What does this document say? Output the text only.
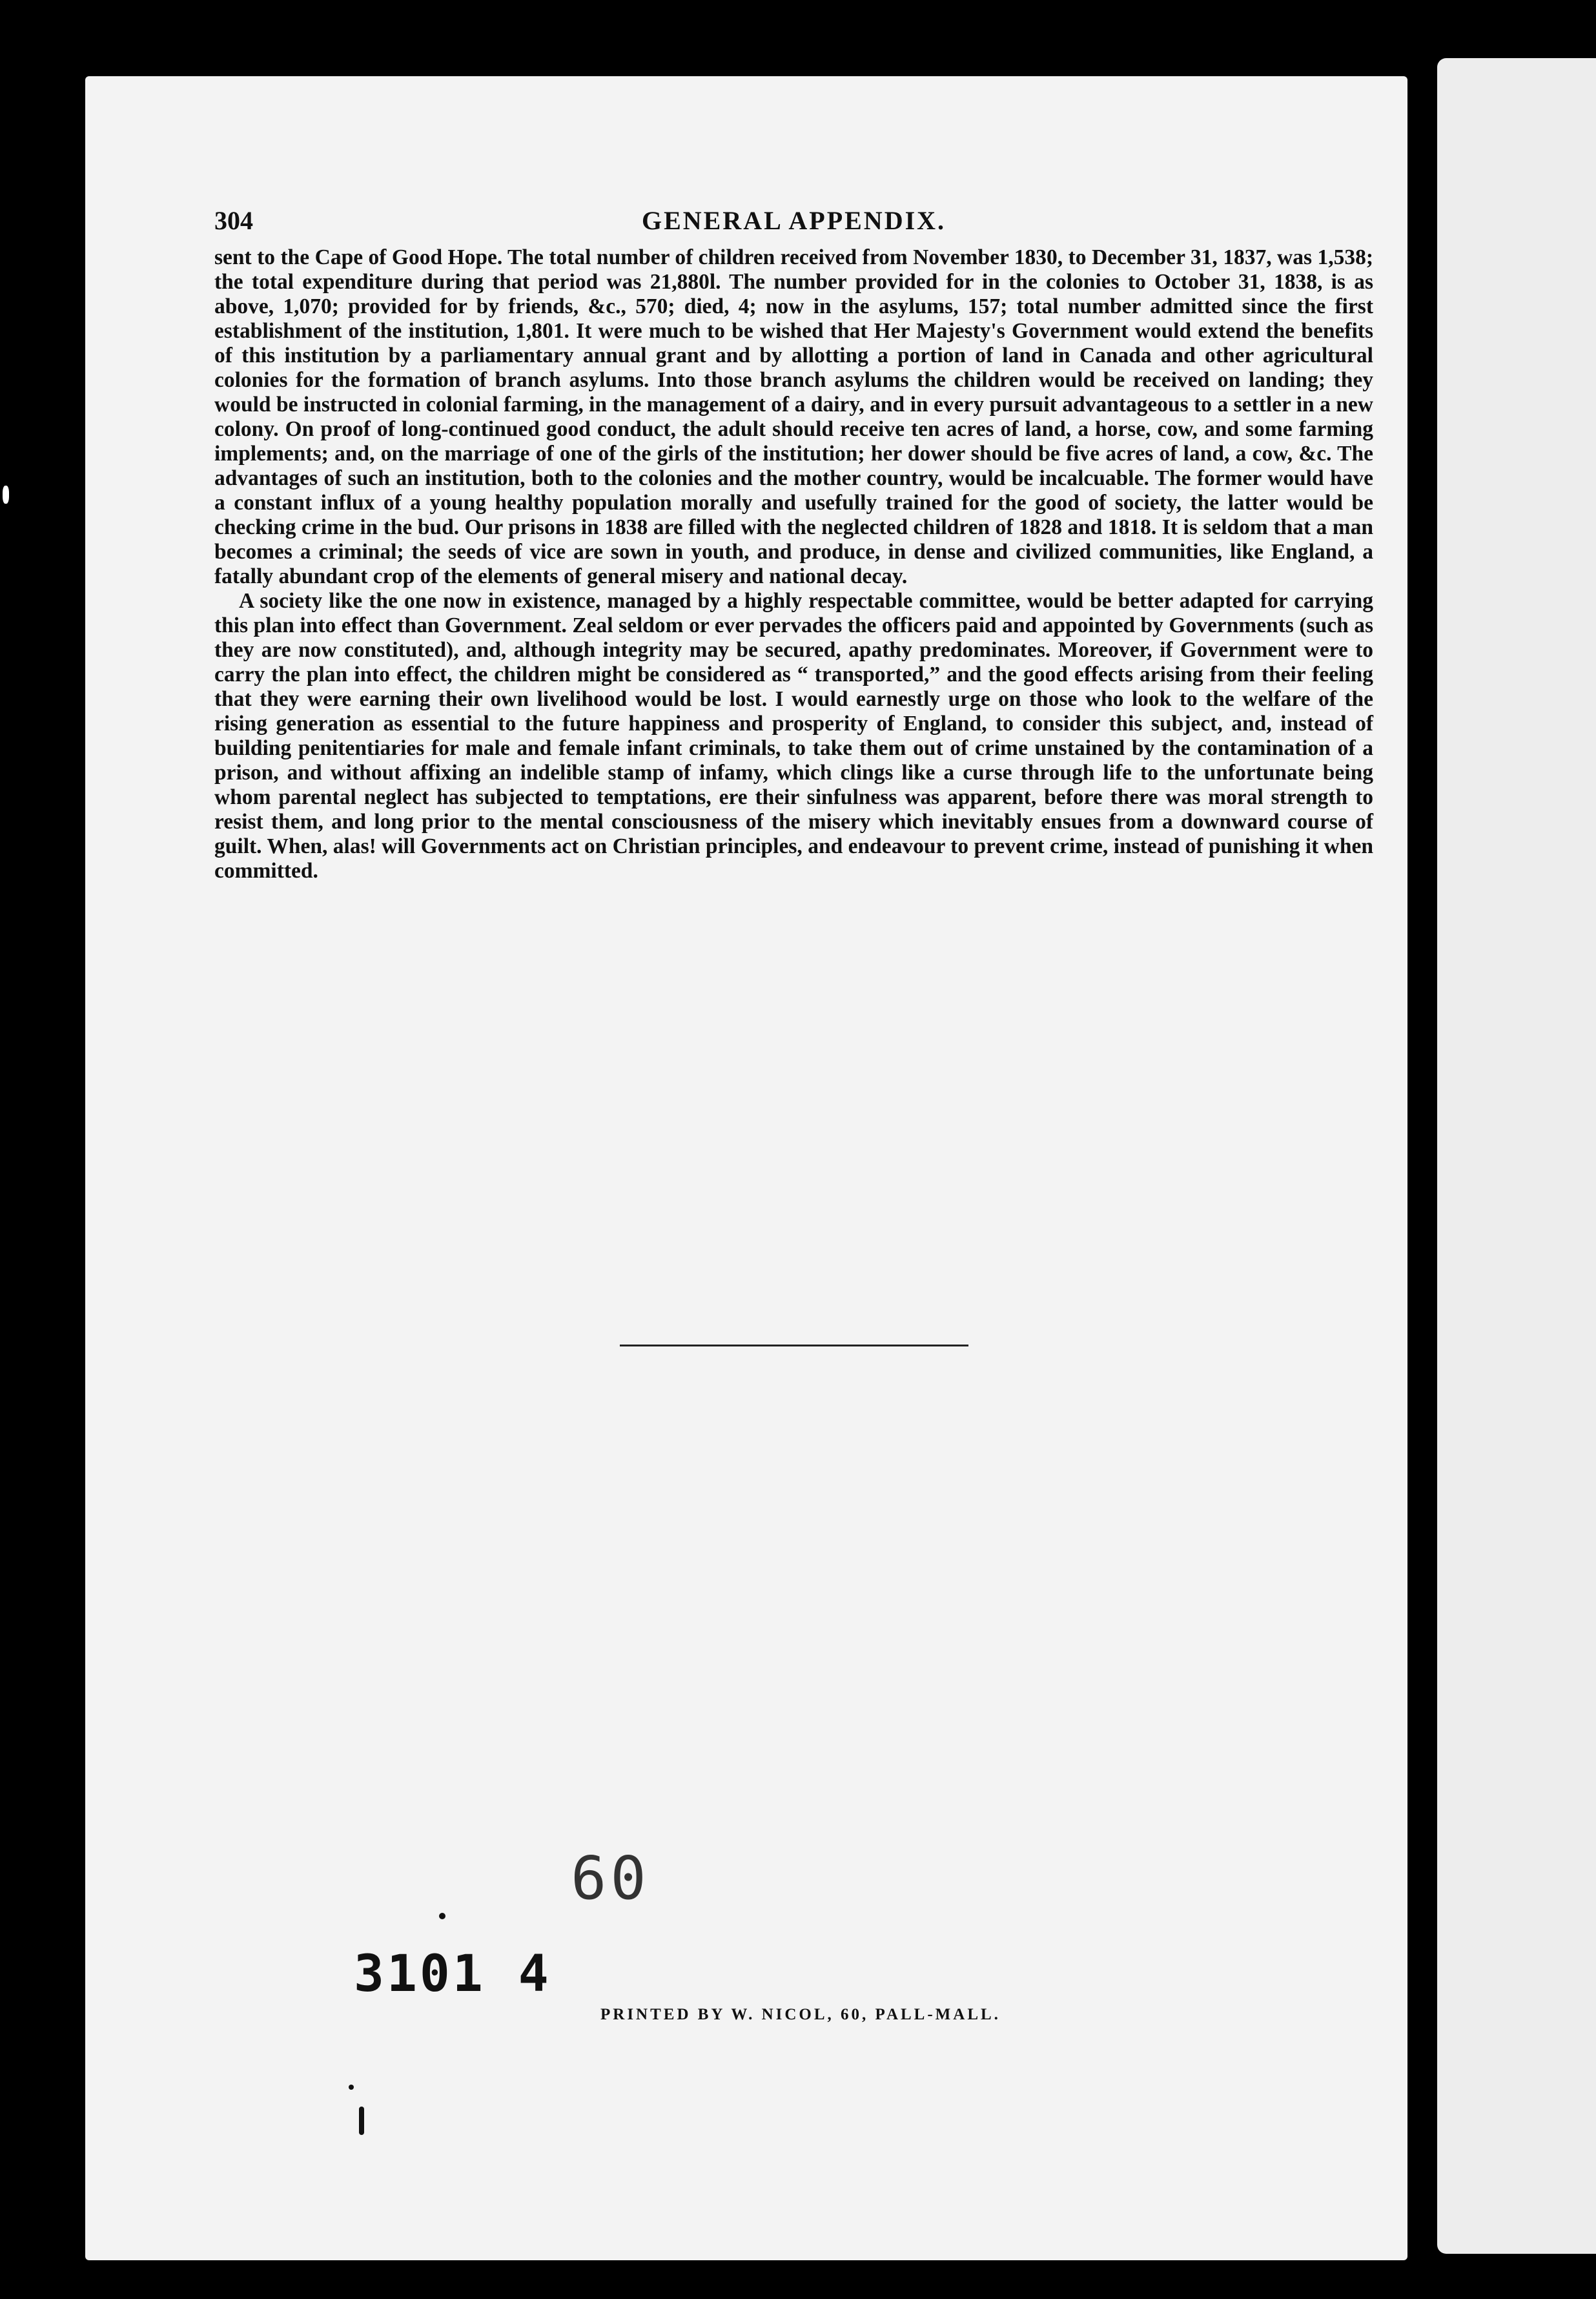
304	GENERAL APPENDIX.

sent to the Cape of Good Hope. The total number of children received from November 1830, to December 31, 1837, was 1,538; the total expenditure during that period was 21,880l. The number provided for in the colonies to October 31, 1838, is as above, 1,070; provided for by friends, &c., 570; died, 4; now in the asylums, 157; total number admitted since the first establishment of the institution, 1,801. It were much to be wished that Her Majesty's Government would extend the benefits of this institution by a parliamentary annual grant and by allotting a portion of land in Canada and other agricultural colonies for the formation of branch asylums. Into those branch asylums the children would be received on landing; they would be instructed in colonial farming, in the management of a dairy, and in every pursuit advantageous to a settler in a new colony. On proof of long-continued good conduct, the adult should receive ten acres of land, a horse, cow, and some farming implements; and, on the marriage of one of the girls of the institution; her dower should be five acres of land, a cow, &c. The advantages of such an institution, both to the colonies and the mother country, would be incalcuable. The former would have a constant influx of a young healthy population morally and usefully trained for the good of society, the latter would be checking crime in the bud. Our prisons in 1838 are filled with the neglected children of 1828 and 1818. It is seldom that a man becomes a criminal; the seeds of vice are sown in youth, and produce, in dense and civilized communities, like England, a fatally abundant crop of the elements of general misery and national decay.

A society like the one now in existence, managed by a highly respectable committee, would be better adapted for carrying this plan into effect than Government. Zeal seldom or ever pervades the officers paid and appointed by Governments (such as they are now constituted), and, although integrity may be secured, apathy predominates. Moreover, if Government were to carry the plan into effect, the children might be considered as “ transported,” and the good effects arising from their feeling that they were earning their own livelihood would be lost. I would earnestly urge on those who look to the welfare of the rising generation as essential to the future happiness and prosperity of England, to consider this subject, and, instead of building penitentiaries for male and female infant criminals, to take them out of crime unstained by the contamination of a prison, and without affixing an indelible stamp of infamy, which clings like a curse through life to the unfortunate being whom parental neglect has subjected to temptations, ere their sinfulness was apparent, before there was moral strength to resist them, and long prior to the mental consciousness of the misery which inevitably ensues from a downward course of guilt. When, alas! will Governments act on Christian principles, and endeavour to prevent crime, instead of punishing it when committed.

60
3101 4
PRINTED BY W. NICOL, 60, PALL-MALL.
